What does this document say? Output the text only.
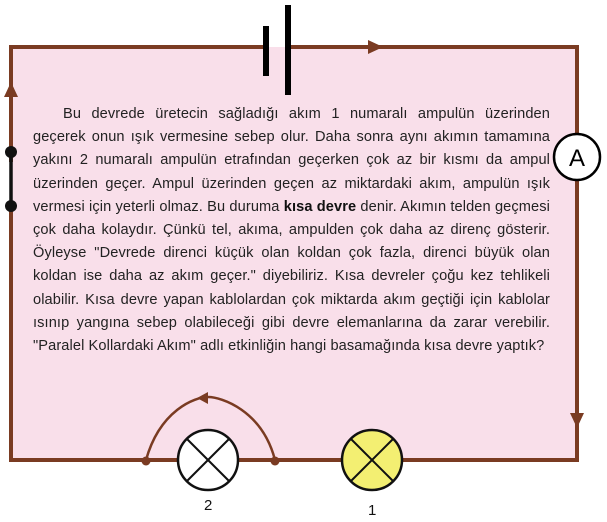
A

Bu devrede üretecin sağladığı akım 1 numaralı ampulün üzerinden geçerek onun ışık vermesine sebep olur. Daha sonra aynı akımın tamamına yakını 2 numaralı ampulün etrafından geçerken çok az bir kısmı da ampul üzerinden geçer. Ampul üzerinden geçen az miktardaki akım, ampulün ışık vermesi için yeterli olmaz. Bu duruma kısa devre denir. Akımın telden geçmesi çok daha kolaydır. Çünkü tel, akıma, ampulden çok daha az direnç gösterir. Öyleyse "Devrede direnci küçük olan koldan çok fazla, direnci büyük olan koldan ise daha az akım geçer." diyebiliriz. Kısa devreler çoğu kez tehlikeli olabilir. Kısa devre yapan kablolardan çok miktarda akım geçtiği için kablolar ısınıp yangına sebep olabileceği gibi devre elemanlarına da zarar verebilir. "Paralel Kollardaki Akım" adlı etkinliğin hangi basamağında kısa devre yaptık?

2	1
